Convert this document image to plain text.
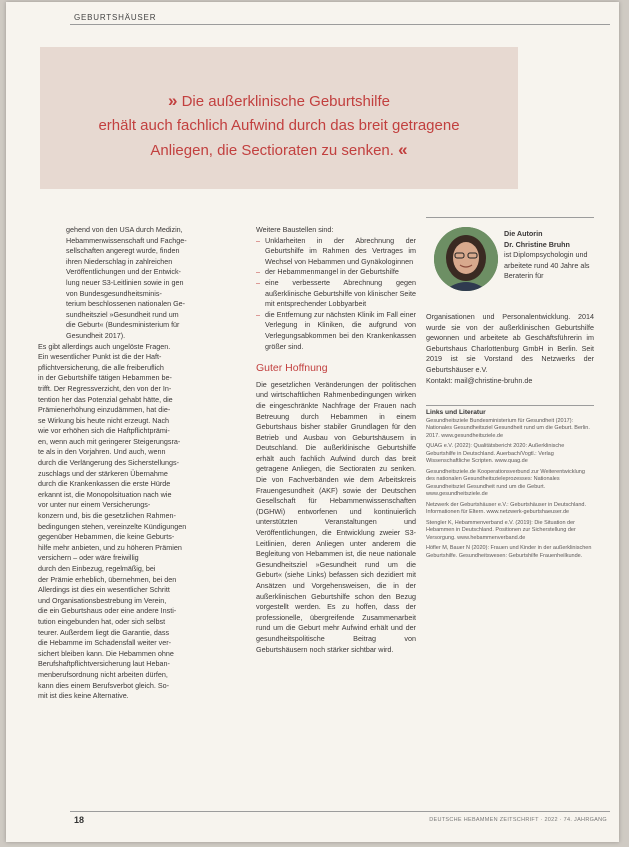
GEBURTSHÄUSER
» Die außerklinische Geburtshilfe
erhält auch fachlich Aufwind durch das breit getragene
Anliegen, die Sectioraten zu senken. «
gehend von den USA durch Medizin,
Hebammenwissenschaft und Fachge-
sellschaften angeregt wurde, finden
ihren Niederschlag in zahlreichen
Veröffentlichungen und der Entwick-
lung neuer S3-Leitlinien sowie in gen
von Bundesgesundheitsminis-
terium beschlossenen nationalen Ge-
sundheitsziel »Gesundheit rund um
die Geburt« (Bundesministerium für
Gesundheit 2017).
Es gibt allerdings auch ungelöste Fragen.
Ein wesentlicher Punkt ist die der Haft-
pflichtversicherung, die alle freiberuflich
in der Geburtshilfe tätigen Hebammen be-
trifft. Der Regressverzicht, den von der In-
tention her das Potenzial gehabt hätte, die
Prämienerhöhung einzudämmen, hat die-
se Wirkung bis heute nicht erzeugt. Nach
wie vor erhöhen sich die Haftpflichtprämi-
en, wenn auch mit geringerer Steigerungsra-
te als in den Vorjahren. Und auch, wenn
durch die Verlängerung des Sicherstellungs-
zuschlags und der stärkeren Übernahme
durch die Krankenkassen die erste Hürde
erkannt ist, die Monopolsituation nach wie
vor unter nur einem Versicherungs-
konzern und, bis die gesetzlichen Rahmen-
bedingungen stehen, vereinzelte Kündigungen
gegenüber Hebammen, die keine Geburts-
hilfe mehr anbieten, und zu höheren Prämien
versichern – oder wäre freiwillig
durch den Einbezug, regelmäßig, bei
der Prämie erheblich, übernehmen, bei den
Allerdings ist dies ein wesentlicher Schritt
und Organisationsbestrebung im Verein,
die ein Geburtshaus oder eine andere Insti-
tution eingebunden hat, oder sich selbst
teurer. Außerdem liegt die Garantie, dass
die Hebamme im Schadensfall weiter ver-
sichert bleiben kann. Die Hebammen ohne
Berufshaftpflichtversicherung laut Heban-
menberufsordnung nicht arbeiten dürfen,
kann dies einem Berufsverbot gleich. So-
mit ist dies keine Alternative.

Weitere Baustellen sind:

– Unklarheiten in der Abrechnung der Geburtshilfe im Rahmen des Vertrages im Wechsel von Hebammen und Gynäkologinnen
– der Hebammenmangel in der Geburtshilfe
– eine verbesserte Abrechnung gegen außerklinische Geburtshilfe von klinischer Seite mit entsprechender Lobbyarbeit
– die Entfernung zur nächsten Klinik im Fall einer Verlegung in Kliniken, die aufgrund von Verlegungsabkommen bei den Krankenkassen größer sind.
Guter Hoffnung

Die gesetzlichen Veränderungen der politischen und wirtschaftlichen Rahmenbedingungen wirken die eingeschränkte Nachfrage der Frauen nach Betreuung durch Hebammen in einem Geburtshaus bisher stabiler Grundlagen für den Betrieb und Ausbau von Geburtshäusern in Deutschland. Die außerklinische Geburtshilfe erhält auch fachlich Aufwind durch das breit getragene Anliegen, die Sectioraten zu senken. Die von Fachverbänden wie dem Arbeitskreis Frauengesundheit (AKF) sowie der Deutschen Gesellschaft für Hebammenwissenschaften (DGHWi) entworfenen und kontinuierlich unterstützten Veranstaltungen und Veröffentlichungen, die Entwicklung zweier S3-Leitlinien, deren Anliegen unter anderem die Begleitung von Hebammen ist, die neue nationale Gesundheitsziel »Gesundheit rund um die Geburt« (siehe Links) befassen sich dezidiert mit Ansätzen und Vorgehensweisen, die in der außerklinischen Geburtshilfe schon den Bezug vorgestellt werden. Es zu hoffen, dass der professionelle, übergreifende Zusammenarbeit rund um die Geburt mehr Aufwind erhält und der gesundheitspolitische Beitrag von Geburtshäusern noch stärker sichtbar wird.

Die Autorin
Dr. Christine Bruhn
ist Diplompsychologin und arbeitete rund 40 Jahre als Beraterin für

Organisationen und Personalentwicklung. 2014 wurde sie von der außerklinischen Geburtshilfe gewonnen und arbeitete ab Geschäftsführerin im Geburtshaus Charlottenburg GmbH in Berlin. Seit 2019 ist sie Vorstand des Netzwerks der Geburtshäuser e.V.

Kontakt: mail@christine-bruhn.de

Links und Literatur

Gesundheitsziele Bundesministerium für Gesundheit (2017): Nationales Gesundheitsziel Gesundheit rund um die Geburt. Berlin. 2017. www.gesundheitsziele.de

QUAG e.V. (2022): Qualitätsbericht 2020: Außerklinische Geburtshilfe in Deutschland. Auerbach/Vogtl.: Verlag Wissenschaftliche Scripten. www.quag.de

Gesundheitsziele.de Kooperationsverbund zur Weiterentwicklung des nationalen Gesundheitszieleprozesses: Nationales Gesundheitsziel Gesundheit rund um die Geburt. www.gesundheitsziele.de

Netzwerk der Geburtshäuser e.V.: Geburtshäuser in Deutschland. Informationen für Eltern. www.netzwerk-geburtshaeuser.de

Stengler K, Hebammenverband e.V. (2019): Die Situation der Hebammen in Deutschland. Positionen zur Sicherstellung der Versorgung. www.hebammenverband.de

Höfler M, Bauer N (2020): Frauen und Kinder in der außerklinischen Geburtshilfe. Gesundheitswesen: Geburtshilfe Frauenheilkunde.

18	DEUTSCHE HEBAMMEN ZEITSCHRIFT · 2022 · 74. JAHRGANG
